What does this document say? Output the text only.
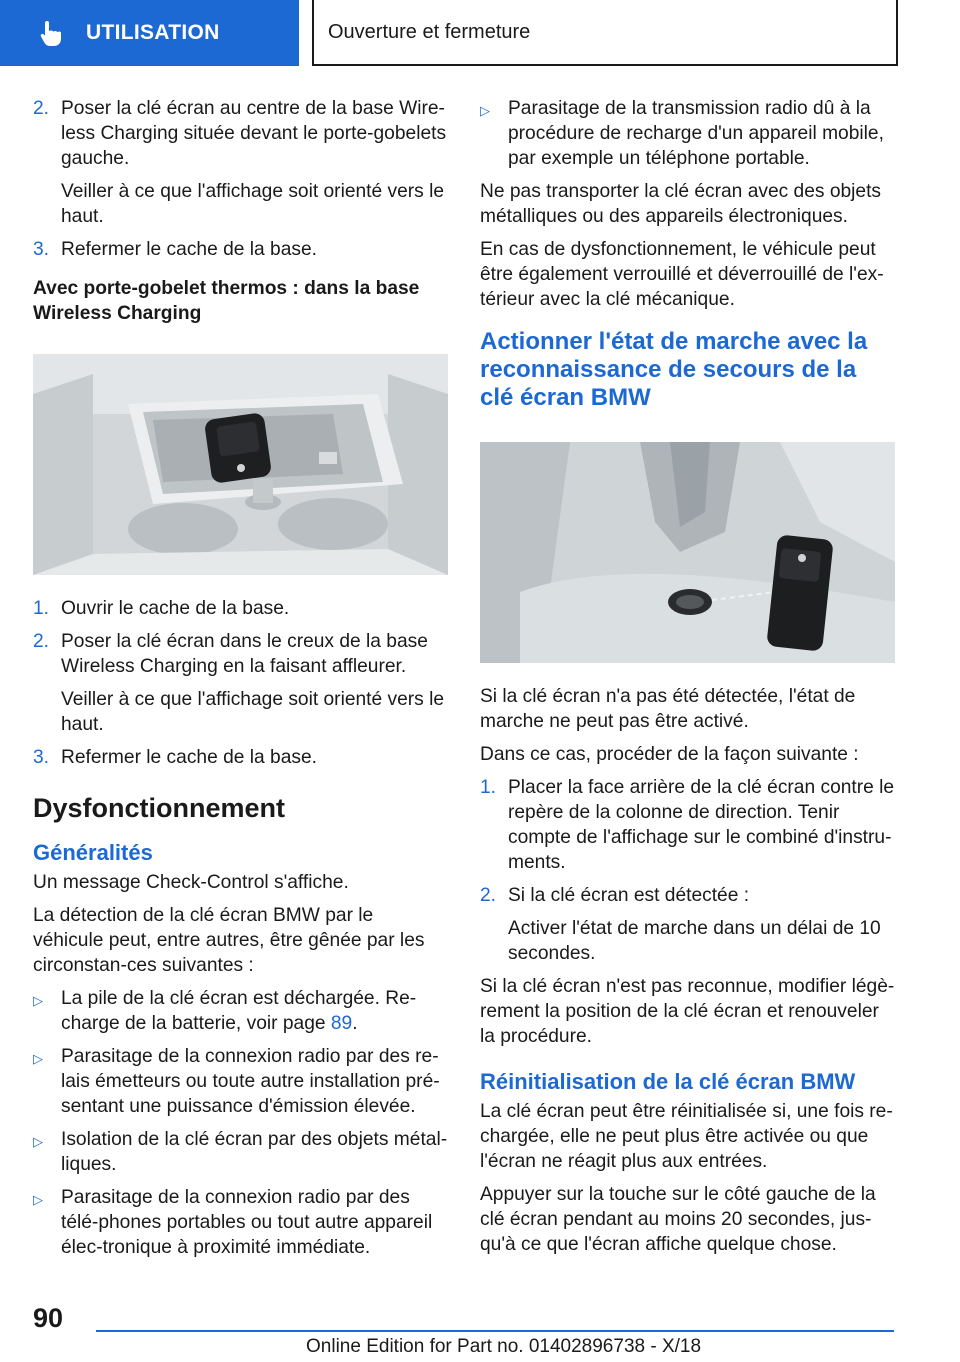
UTILISATION	Ouverture et fermeture
2. Poser la clé écran au centre de la base Wire‐less Charging située devant le porte-gobelets gauche.

Veiller à ce que l'affichage soit orienté vers le haut.

3. Refermer le cache de la base.

Avec porte-gobelet thermos : dans la base Wireless Charging
1. Ouvrir le cache de la base.

2. Poser la clé écran dans le creux de la base Wireless Charging en la faisant affleurer.

Veiller à ce que l'affichage soit orienté vers le haut.

3. Refermer le cache de la base.

Dysfonctionnement
Généralités

Un message Check-Control s'affiche.

La détection de la clé écran BMW par le véhicule peut, entre autres, être gênée par les circonstan‐ces suivantes :

▷ La pile de la clé écran est déchargée. Re‐charge de la batterie, voir page 89.
▷ Parasitage de la connexion radio par des re‐lais émetteurs ou toute autre installation pré‐sentant une puissance d'émission élevée.
▷ Isolation de la clé écran par des objets métal‐liques.
▷ Parasitage de la connexion radio par des télé‐phones portables ou tout autre appareil élec‐tronique à proximité immédiate.
▷ Parasitage de la transmission radio dû à la procédure de recharge d'un appareil mobile, par exemple un téléphone portable.

Ne pas transporter la clé écran avec des objets métalliques ou des appareils électroniques.

En cas de dysfonctionnement, le véhicule peut être également verrouillé et déverrouillé de l'ex‐térieur avec la clé mécanique.

Actionner l'état de marche avec la reconnaissance de secours de la clé écran BMW

Si la clé écran n'a pas été détectée, l'état de marche ne peut pas être activé.

Dans ce cas, procéder de la façon suivante :

1. Placer la face arrière de la clé écran contre le repère de la colonne de direction. Tenir compte de l'affichage sur le combiné d'instru‐ments.

2. Si la clé écran est détectée :

Activer l'état de marche dans un délai de 10 secondes.

Si la clé écran n'est pas reconnue, modifier légè‐rement la position de la clé écran et renouveler la procédure.

Réinitialisation de la clé écran BMW

La clé écran peut être réinitialisée si, une fois re‐chargée, elle ne peut plus être activée ou que l'écran ne réagit plus aux entrées.

Appuyer sur la touche sur le côté gauche de la clé écran pendant au moins 20 secondes, jus‐qu'à ce que l'écran affiche quelque chose.

90
Online Edition for Part no. 01402896738 - X/18
